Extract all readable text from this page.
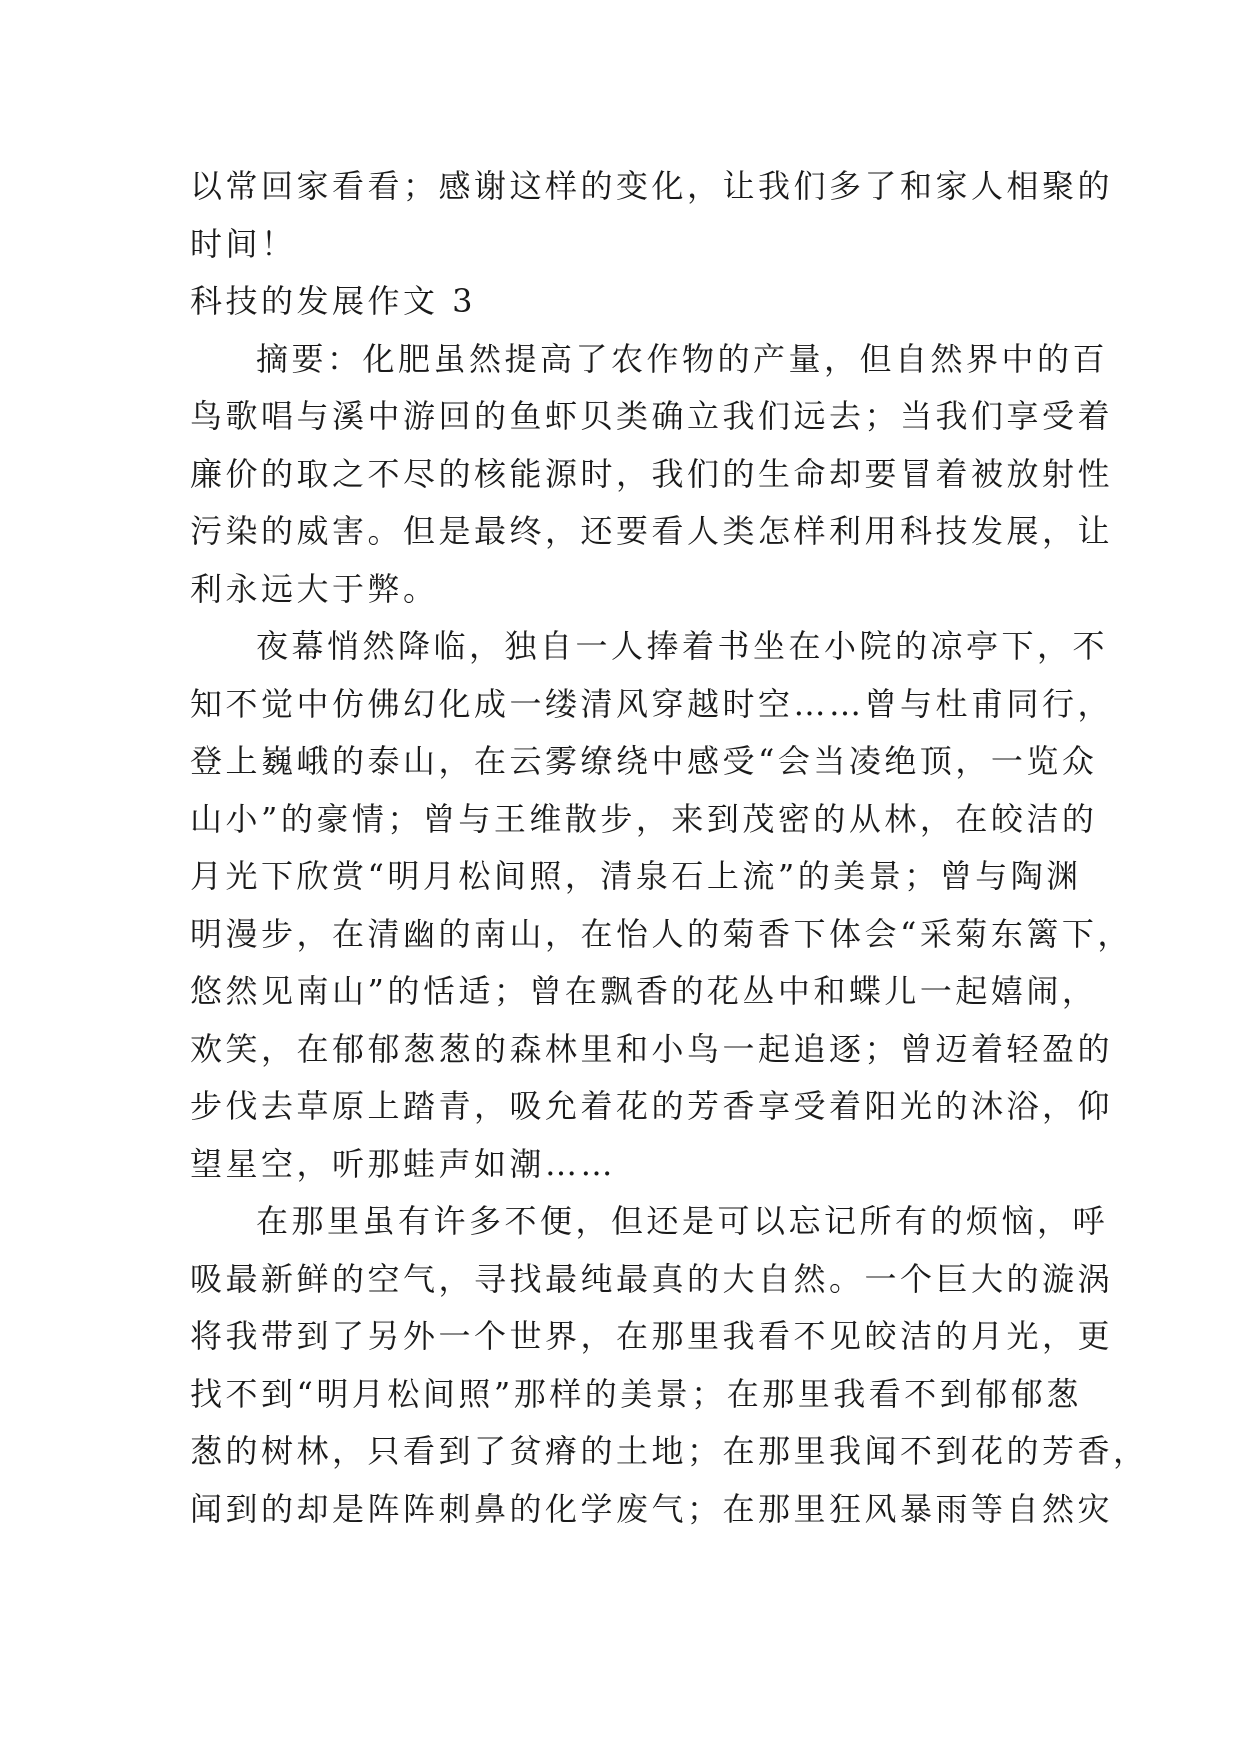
以常回家看看；感谢这样的变化，让我们多了和家人相聚的
时间！
科技的发展作文 3
摘要：化肥虽然提高了农作物的产量，但自然界中的百
鸟歌唱与溪中游回的鱼虾贝类确立我们远去；当我们享受着
廉价的取之不尽的核能源时，我们的生命却要冒着被放射性
污染的威害。但是最终，还要看人类怎样利用科技发展，让
利永远大于弊。
夜幕悄然降临，独自一人捧着书坐在小院的凉亭下，不
知不觉中仿佛幻化成一缕清风穿越时空……曾与杜甫同行，
登上巍峨的泰山，在云雾缭绕中感受“会当凌绝顶，一览众
山小”的豪情；曾与王维散步，来到茂密的从林，在皎洁的
月光下欣赏“明月松间照，清泉石上流”的美景；曾与陶渊
明漫步，在清幽的南山，在怡人的菊香下体会“采菊东篱下，
悠然见南山”的恬适；曾在飘香的花丛中和蝶儿一起嬉闹，
欢笑，在郁郁葱葱的森林里和小鸟一起追逐；曾迈着轻盈的
步伐去草原上踏青，吸允着花的芳香享受着阳光的沐浴，仰
望星空，听那蛙声如潮……
在那里虽有许多不便，但还是可以忘记所有的烦恼，呼
吸最新鲜的空气，寻找最纯最真的大自然。一个巨大的漩涡
将我带到了另外一个世界，在那里我看不见皎洁的月光，更
找不到“明月松间照”那样的美景；在那里我看不到郁郁葱
葱的树林，只看到了贫瘠的土地；在那里我闻不到花的芳香，
闻到的却是阵阵刺鼻的化学废气；在那里狂风暴雨等自然灾
